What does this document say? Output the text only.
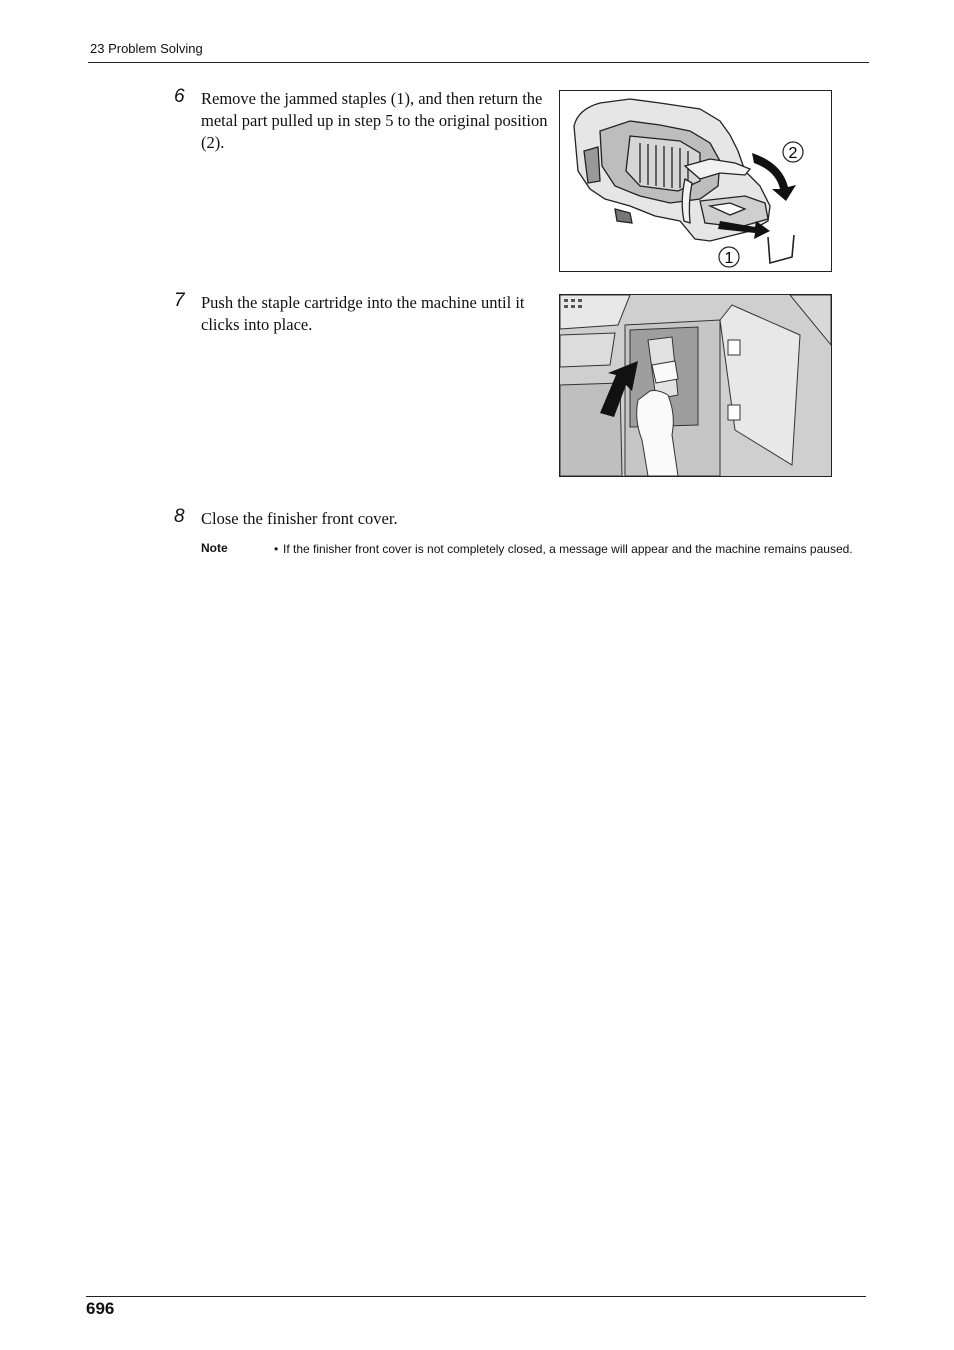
23 Problem Solving
6 Remove the jammed staples (1), and then return the metal part pulled up in step 5 to the original position (2).
2
1
7 Push the staple cartridge into the machine until it clicks into place.
8 Close the finisher front cover.
Note	• If the finisher front cover is not completely closed, a message will appear and the machine remains paused.
696
